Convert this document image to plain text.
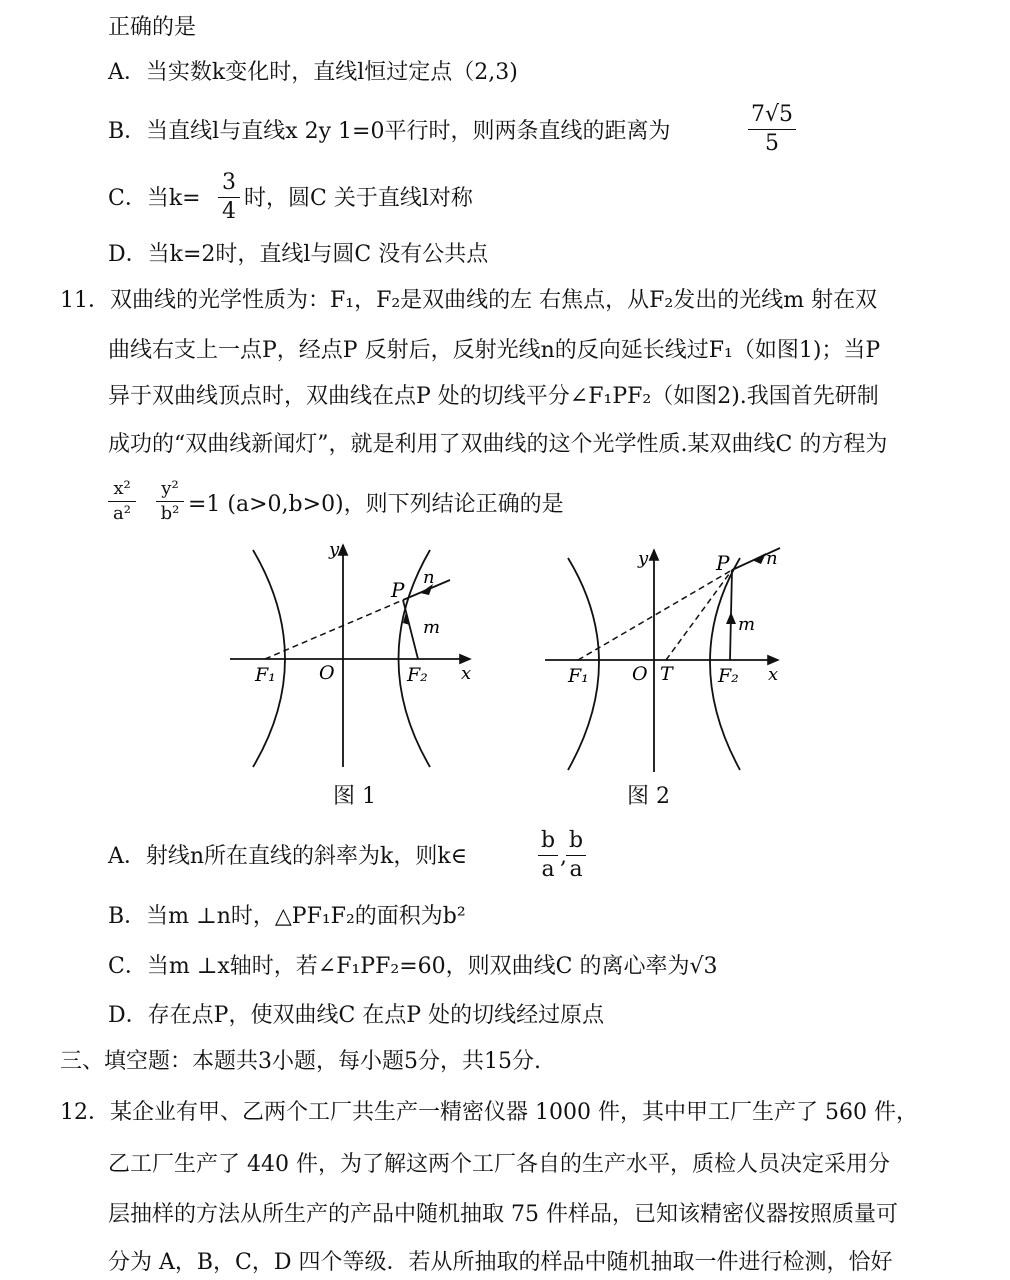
正确的是
A．当实数k变化时，直线l恒过定点（2,3)
B．当直线l与直线x 2y 1=0平行时，则两条直线的距离为
7√5
5
C．当k=
3
4
时，圆C 关于直线l对称
D．当k=2时，直线l与圆C 没有公共点
11．双曲线的光学性质为：F₁，F₂是双曲线的左 右焦点，从F₂发出的光线m 射在双
曲线右支上一点P，经点P 反射后，反射光线n的反向延长线过F₁（如图1)；当P
异于双曲线顶点时，双曲线在点P 处的切线平分∠F₁PF₂（如图2).我国首先研制
成功的“双曲线新闻灯”，就是利用了双曲线的这个光学性质.某双曲线C 的方程为
x²
a²
y²
b² =1 (a>0,b>0)，则下列结论正确的是
y
x
P
n
m
F₁ O	F₂
图 1
y
x
P n
m
F₁ O T F₂
图 2
A．射线n所在直线的斜率为k，则k∈
b
a
,
b
a
B．当m ⊥n时，△PF₁F₂的面积为b²
C．当m ⊥x轴时，若∠F₁PF₂=60，则双曲线C 的离心率为√3
D．存在点P，使双曲线C 在点P 处的切线经过原点
三、填空题：本题共3小题，每小题5分，共15分.
12．某企业有甲、乙两个工厂共生产一精密仪器 1000 件，其中甲工厂生产了 560 件，
乙工厂生产了 440 件，为了解这两个工厂各自的生产水平，质检人员决定采用分
层抽样的方法从所生产的产品中随机抽取 75 件样品，已知该精密仪器按照质量可
分为 A，B，C，D 四个等级．若从所抽取的样品中随机抽取一件进行检测，恰好
